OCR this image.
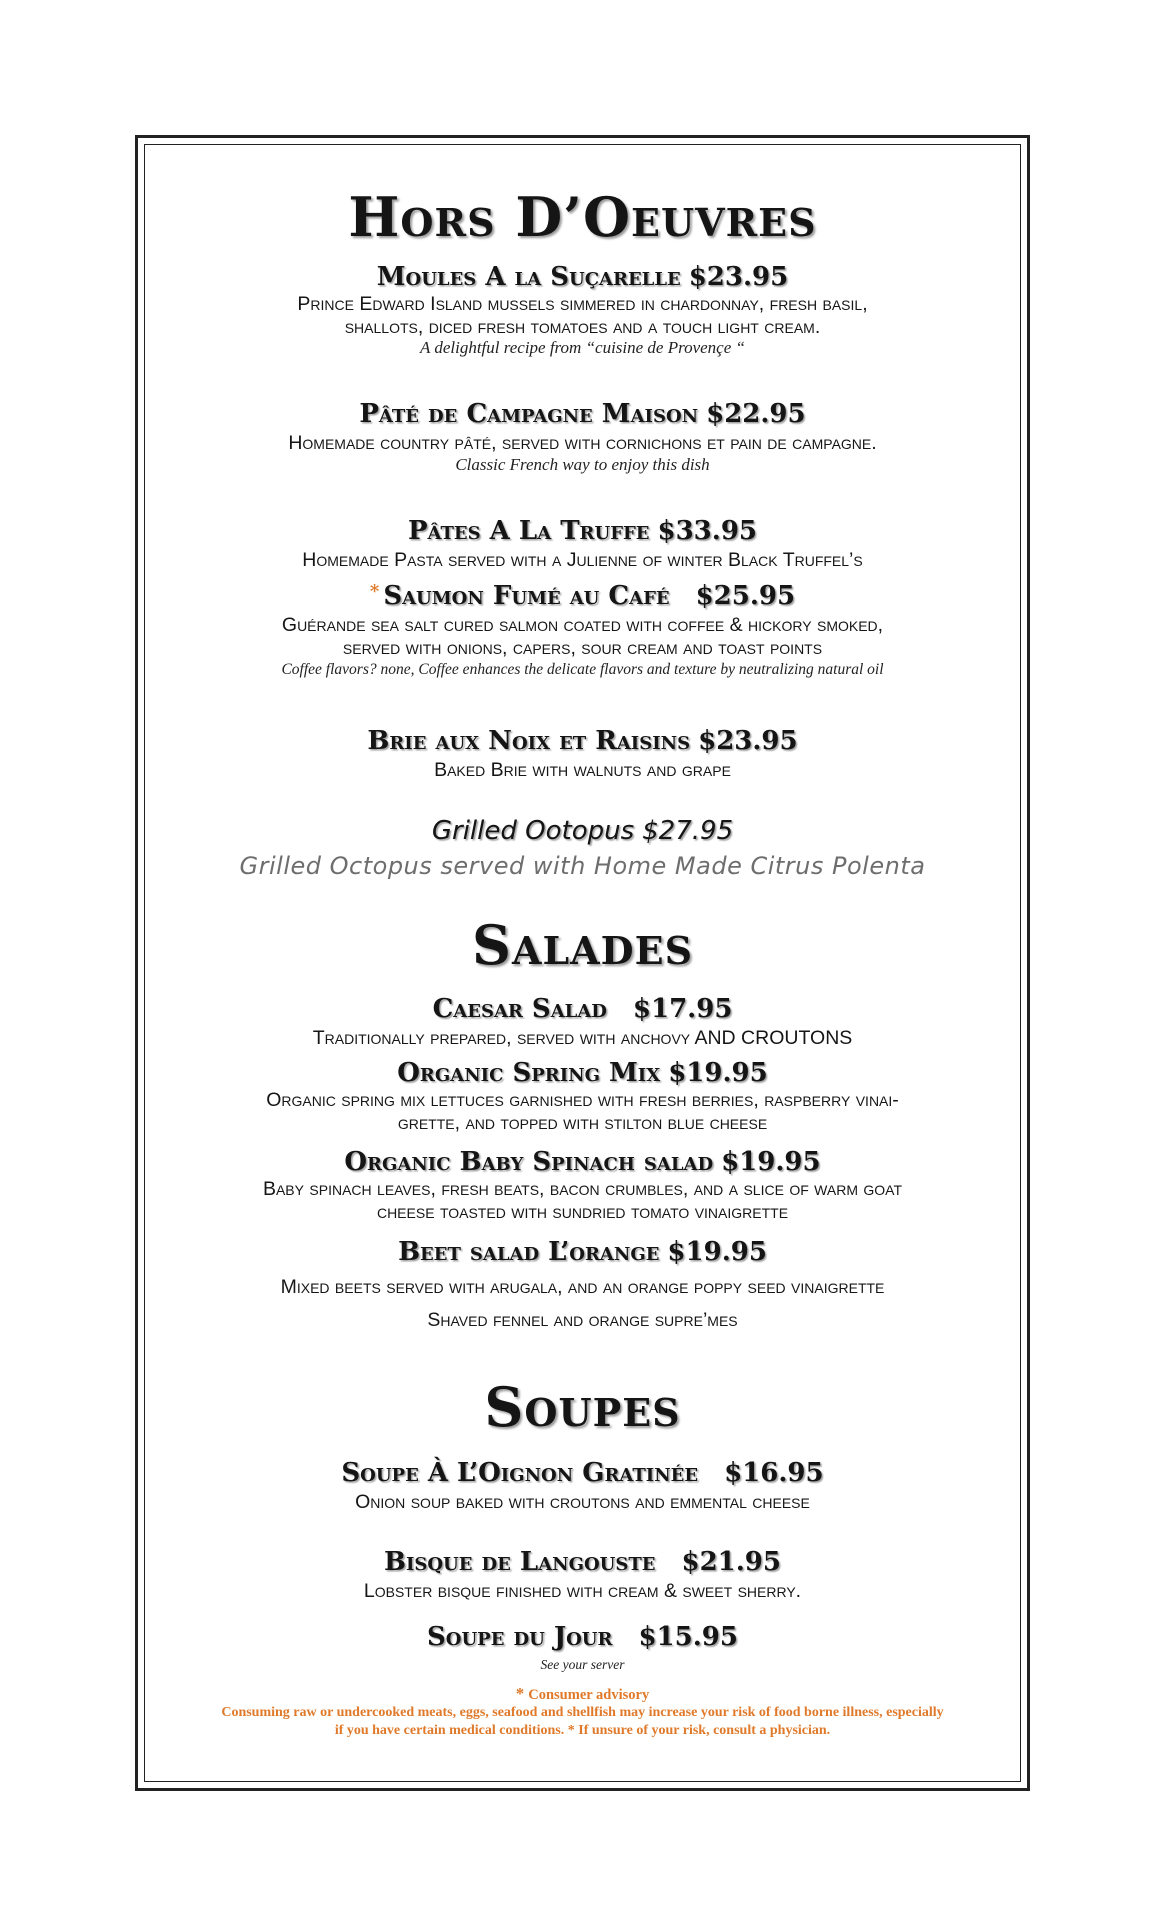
Hors D’Oeuvres

Moules A la Suçarelle $23.95

Prince Edward Island mussels simmered in chardonnay, fresh basil,

shallots, diced fresh tomatoes and a touch light cream.

A delightful recipe from “cuisine de Provençe “

Pâté de Campagne Maison $22.95

Homemade country pâté, served with cornichons et pain de campagne.

Classic French way to enjoy this dish

Pâtes A La Truffe $33.95

Homemade Pasta served with a Julienne of winter Black Truffel’s

* Saumon Fumé au Café $25.95

Guérande sea salt cured salmon coated with coffee & hickory smoked,

served with onions, capers, sour cream and toast points

Coffee flavors? none, Coffee enhances the delicate flavors and texture by neutralizing natural oil

Brie aux Noix et Raisins $23.95

Baked Brie with walnuts and grape

Grilled Ootopus $27.95

Grilled Octopus served with Home Made Citrus Polenta

Salades

Caesar Salad $17.95

Traditionally prepared, served with anchovy AND CROUTONS

Organic Spring Mix $19.95

Organic spring mix lettuces garnished with fresh berries, raspberry vinai-

grette, and topped with stilton blue cheese

Organic Baby Spinach salad $19.95

Baby spinach leaves, fresh beats, bacon crumbles, and a slice of warm goat

cheese toasted with sundried tomato vinaigrette

Beet salad L’orange $19.95

Mixed beets served with arugala, and an orange poppy seed vinaigrette

Shaved fennel and orange supre’mes

Soupes

Soupe À L’Oignon Gratinée $16.95

Onion soup baked with croutons and emmental cheese

Bisque de Langouste $21.95

Lobster bisque finished with cream & sweet sherry.

Soupe du Jour $15.95

See your server

* Consumer advisory

Consuming raw or undercooked meats, eggs, seafood and shellfish may increase your risk of food borne illness, especially

if you have certain medical conditions. * If unsure of your risk, consult a physician.
